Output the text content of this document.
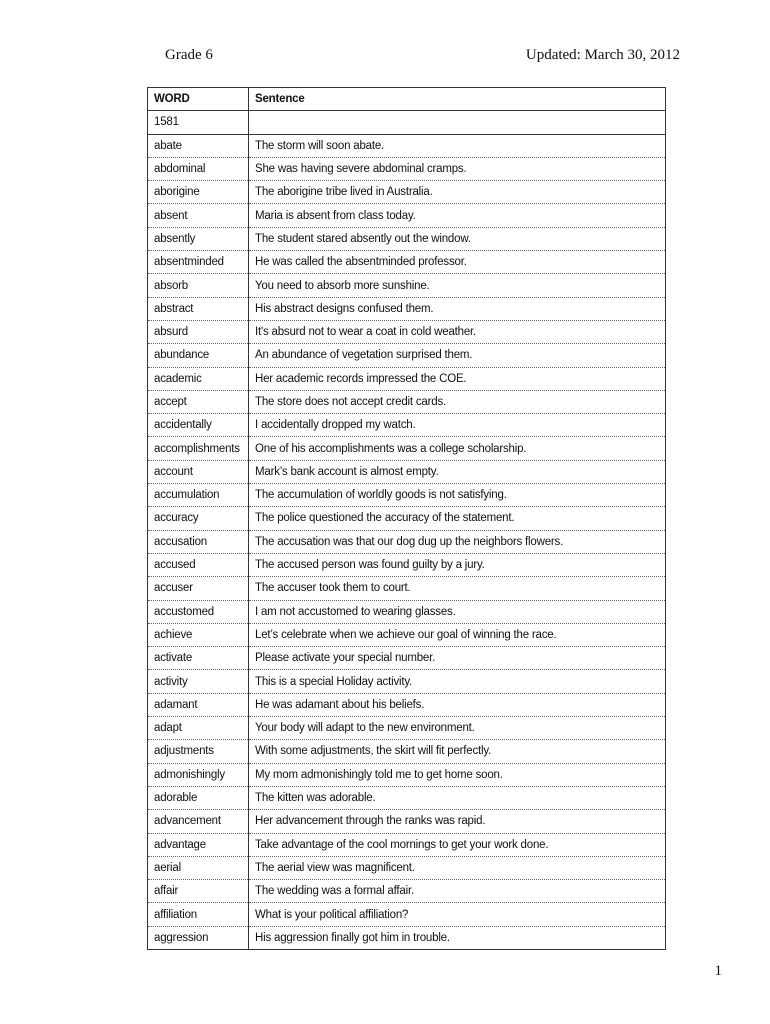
Grade 6	Updated: March 30, 2012
WORD	Sentence
1581	
abate	The storm will soon abate.
abdominal	She was having severe abdominal cramps.
aborigine	The aborigine tribe lived in Australia.
absent	Maria is absent from class today.
absently	The student stared absently out the window.
absentminded	He was called the absentminded professor.
absorb	You need to absorb more sunshine.
abstract	His abstract designs confused them.
absurd	It's absurd not to wear a coat in cold weather.
abundance	An abundance of vegetation surprised them.
academic	Her academic records impressed the COE.
accept	The store does not accept credit cards.
accidentally	I accidentally dropped my watch.
accomplishments	One of his accomplishments was a college scholarship.
account	Mark’s bank account is almost empty.
accumulation	The accumulation of worldly goods is not satisfying.
accuracy	The police questioned the accuracy of the statement.
accusation	The accusation was that our dog dug up the neighbors flowers.
accused	The accused person was found guilty by a jury.
accuser	The accuser took them to court.
accustomed	I am not accustomed to wearing glasses.
achieve	Let’s celebrate when we achieve our goal of winning the race.
activate	Please activate your special number.
activity	This is a special Holiday activity.
adamant	He was adamant about his beliefs.
adapt	Your body will adapt to the new environment.
adjustments	With some adjustments, the skirt will fit perfectly.
admonishingly	My mom admonishingly told me to get home soon.
adorable	The kitten was adorable.
advancement	Her advancement through the ranks was rapid.
advantage	Take advantage of the cool mornings to get your work done.
aerial	The aerial view was magnificent.
affair	The wedding was a formal affair.
affiliation	What is your political affiliation?
aggression	His aggression finally got him in trouble.
1
